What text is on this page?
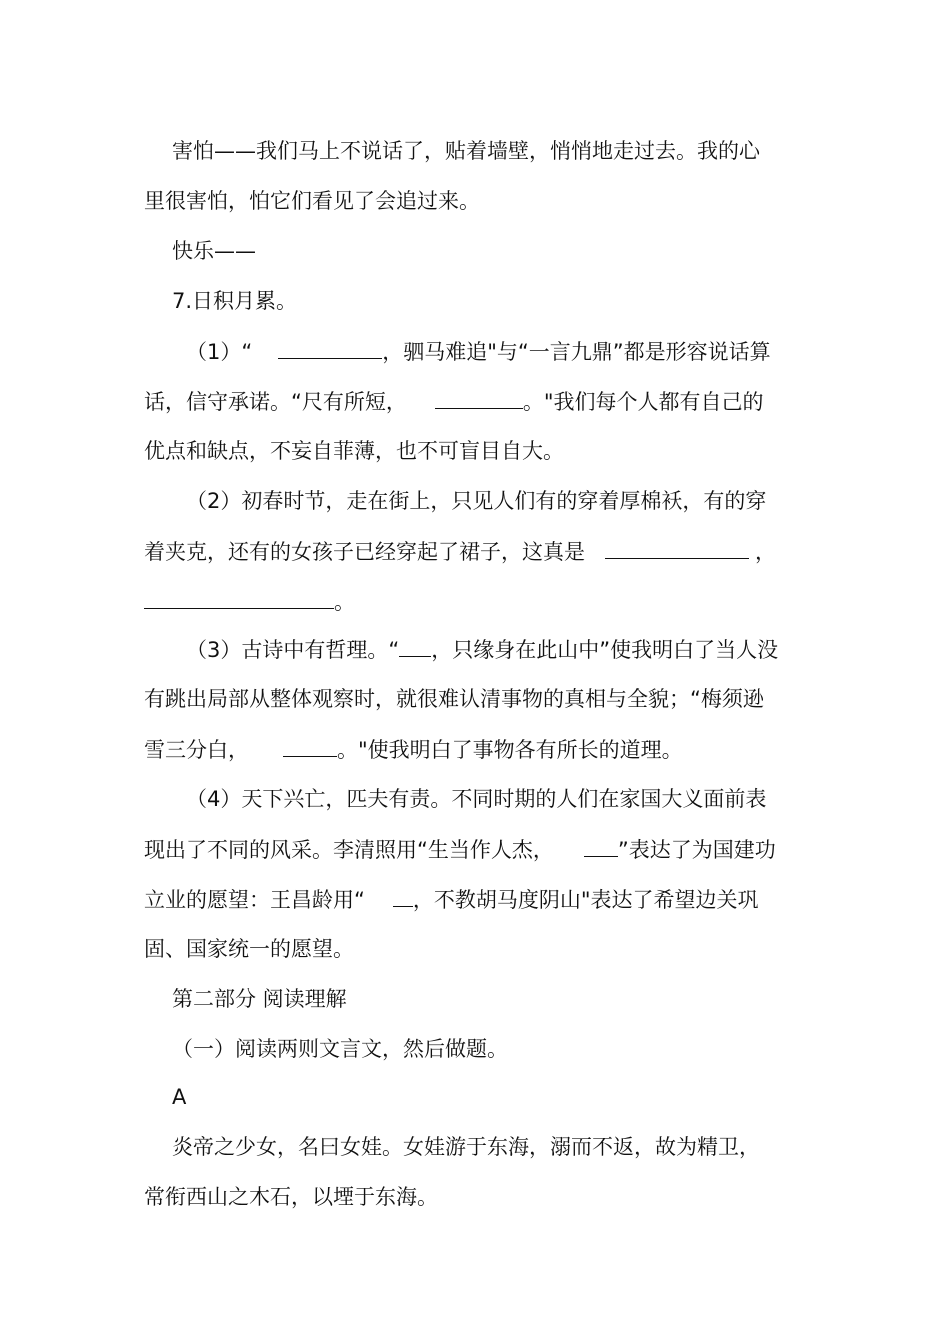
害怕——我们马上不说话了，贴着墙壁，悄悄地走过去。我的心
里很害怕，怕它们看见了会追过来。
快乐——
7.日积月累。
（1）“	，驷马难追"与“一言九鼎”都是形容说话算
话，信守承诺。“尺有所短，	。"我们每个人都有自己的
优点和缺点，不妄自菲薄，也不可盲目自大。
（2）初春时节，走在街上，只见人们有的穿着厚棉袄，有的穿
着夹克，还有的女孩子已经穿起了裙子，这真是	，
。
（3）古诗中有哲理。“ ，只缘身在此山中”使我明白了当人没
有跳出局部从整体观察时，就很难认清事物的真相与全貌；“梅须逊
雪三分白，	。"使我明白了事物各有所长的道理。
（4）天下兴亡，匹夫有责。不同时期的人们在家国大义面前表
现出了不同的风采。李清照用“生当作人杰，	”表达了为国建功
立业的愿望：王昌龄用“ ，不教胡马度阴山"表达了希望边关巩
固、国家统一的愿望。
第二部分 阅读理解
（一）阅读两则文言文，然后做题。
A
炎帝之少女，名曰女娃。女娃游于东海，溺而不返，故为精卫，
常衔西山之木石，以堙于东海。
